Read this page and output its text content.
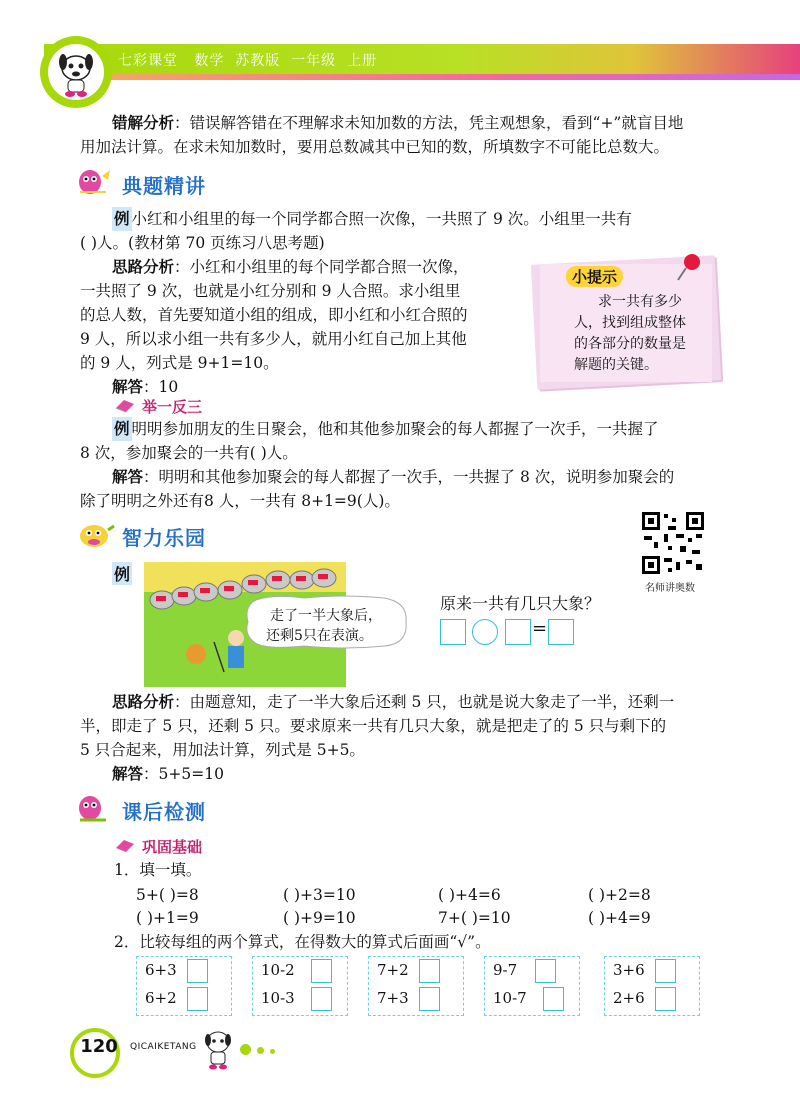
七彩课堂 数学 苏教版 一年级 上册
错解分析：错误解答错在不理解求未知加数的方法，凭主观想象，看到“+”就盲目地
用加法计算。在求未知加数时，要用总数减其中已知的数，所填数字不可能比总数大。
典题精讲
例 小红和小组里的每一个同学都合照一次像，一共照了 9 次。小组里一共有
( )人。(教材第 70 页练习八思考题)
思路分析：小红和小组里的每个同学都合照一次像，
一共照了 9 次，也就是小红分别和 9 人合照。求小组里
的总人数，首先要知道小组的组成，即小红和小红合照的
9 人，所以求小组一共有多少人，就用小红自己加上其他
的 9 人，列式是 9+1=10。
解答：10
小提示
求一共有多少
人，找到组成整体
的各部分的数量是
解题的关键。
举一反三
例 明明参加朋友的生日聚会，他和其他参加聚会的每人都握了一次手，一共握了
8 次，参加聚会的一共有( )人。
解答：明明和其他参加聚会的每人都握了一次手，一共握了 8 次，说明参加聚会的
除了明明之外还有8 人，一共有 8+1=9(人)。
智力乐园
名师讲奥数
例
走了一半大象后，
还剩5只在表演。
原来一共有几只大象？
=
思路分析：由题意知，走了一半大象后还剩 5 只，也就是说大象走了一半，还剩一
半，即走了 5 只，还剩 5 只。要求原来一共有几只大象，就是把走了的 5 只与剩下的
5 只合起来，用加法计算，列式是 5+5。
解答：5+5=10
课后检测
巩固基础
1．填一填。
5+( )=8	( )+3=10	( )+4=6	( )+2=8
( )+1=9	( )+9=10	7+( )=10	( )+4=9
2．比较每组的两个算式，在得数大的算式后面画“√”。
6+3
6+2
10-2
10-3
7+2
7+3
9-7
10-7
3+6
2+6
120	QICAIKETANG
